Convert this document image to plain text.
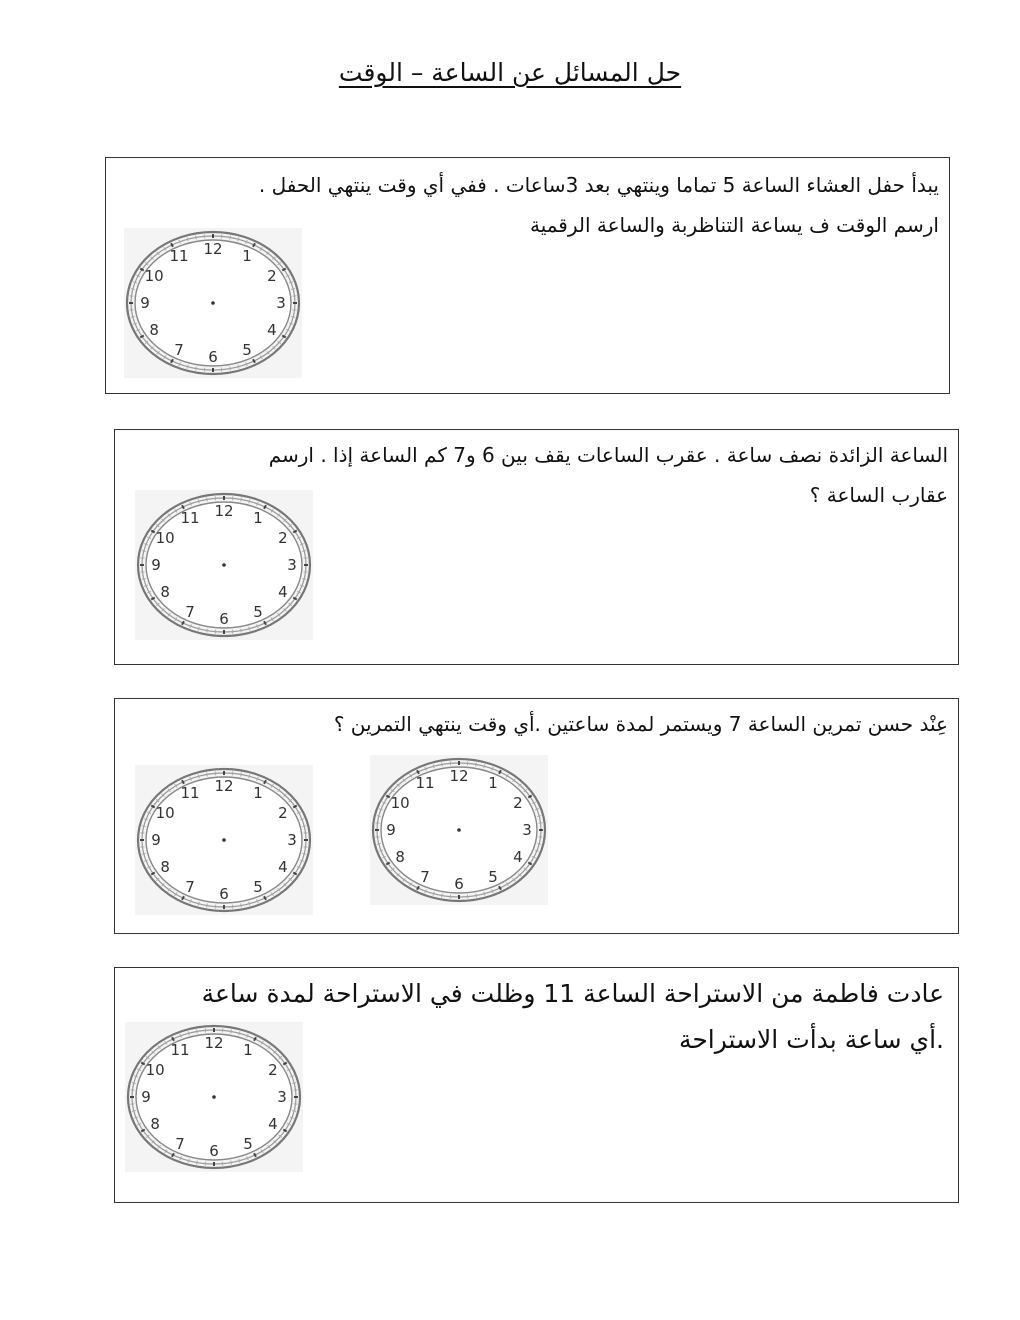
حل المسائل عن الساعة – الوقت
يبدأ حفل العشاء الساعة 5 تماما وينتهي بعد 3ساعات . ففي أي وقت ينتهي الحفل .
ارسم الوقت ف يساعة التناظربة والساعة الرقمية
12 1
2
3
4
5
6
7
8
9
10
11
الساعة الزائدة نصف ساعة . عقرب الساعات يقف بين 6 و7 كم الساعة إذا . ارسم
عقارب الساعة ؟
12 1
2
3
4
5
6
7
8
9
10
11
عِنْد حسن تمرين الساعة 7 ويستمر لمدة ساعتين .أي وقت ينتهي التمرين ؟
12 1
2
3
4
5
6
7
8
9
10
11
12 1
2
3
4
5
6
7
8
9
10
11
عادت فاطمة من الاستراحة الساعة 11 وظلت في الاستراحة لمدة ساعة
.أي ساعة بدأت الاستراحة
12 1
2
3
4
5
6
7
8
9
10
11
